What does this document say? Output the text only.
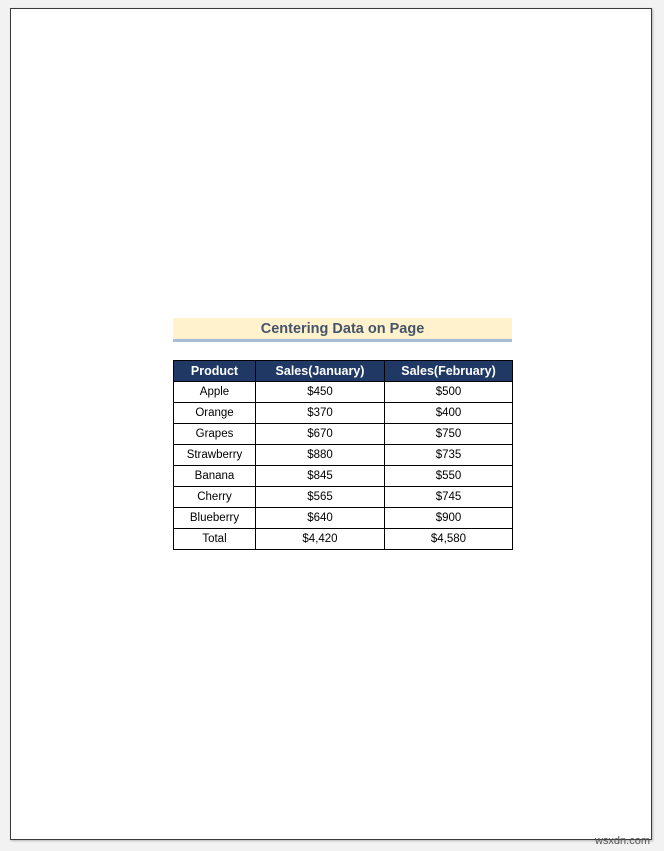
Centering Data on Page
Product	Sales(January)	Sales(February)
Apple	$450	$500
Orange	$370	$400
Grapes	$670	$750
Strawberry	$880	$735
Banana	$845	$550
Cherry	$565	$745
Blueberry	$640	$900
Total	$4,420	$4,580
wsxdn.com
